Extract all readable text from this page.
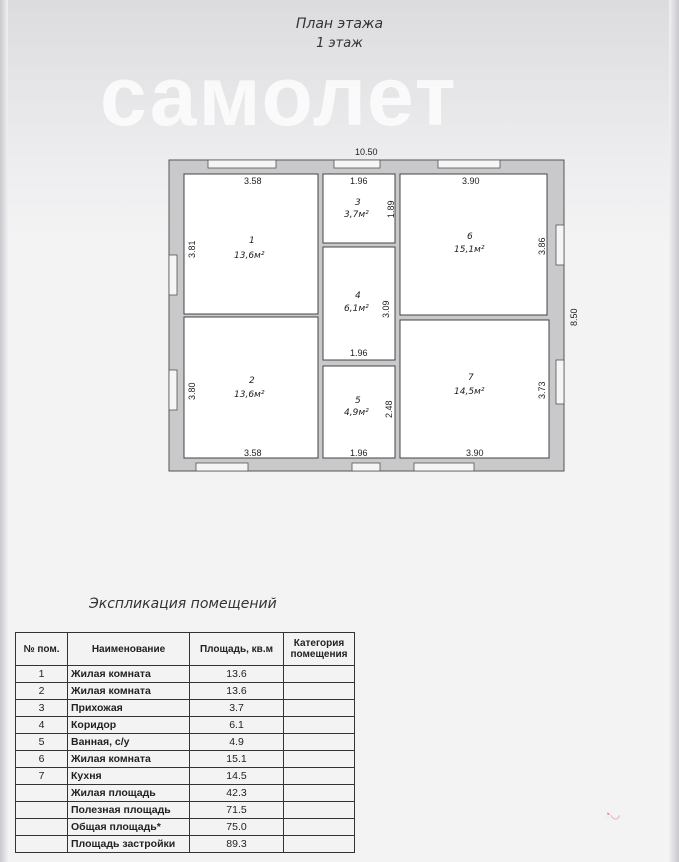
План этажа
1 этаж
самолет
10.50
8.50
3.58
3.81	1
13,6м²
3.58
3.80
2
13,6м²
1.96
1.89
3
3,7м²
1.96
3.09
4
6,1м²
1.96
2.48
5
4,9м²
3.90
3.86
6
15,1м²
3.90
3.73
7
14,5м²
Экспликация помещений
№ пом.	Наименование	Площадь, кв.м	Категория помещения
1	Жилая комната	13.6	
2	Жилая комната	13.6	
3	Прихожая	3.7	
4	Коридор	6.1	
5	Ванная, с/у	4.9	
6	Жилая комната	15.1	
7	Кухня	14.5	
	Жилая площадь	42.3	
	Полезная площадь	71.5	
	Общая площадь*	75.0	
	Площадь застройки	89.3	
◔◡
